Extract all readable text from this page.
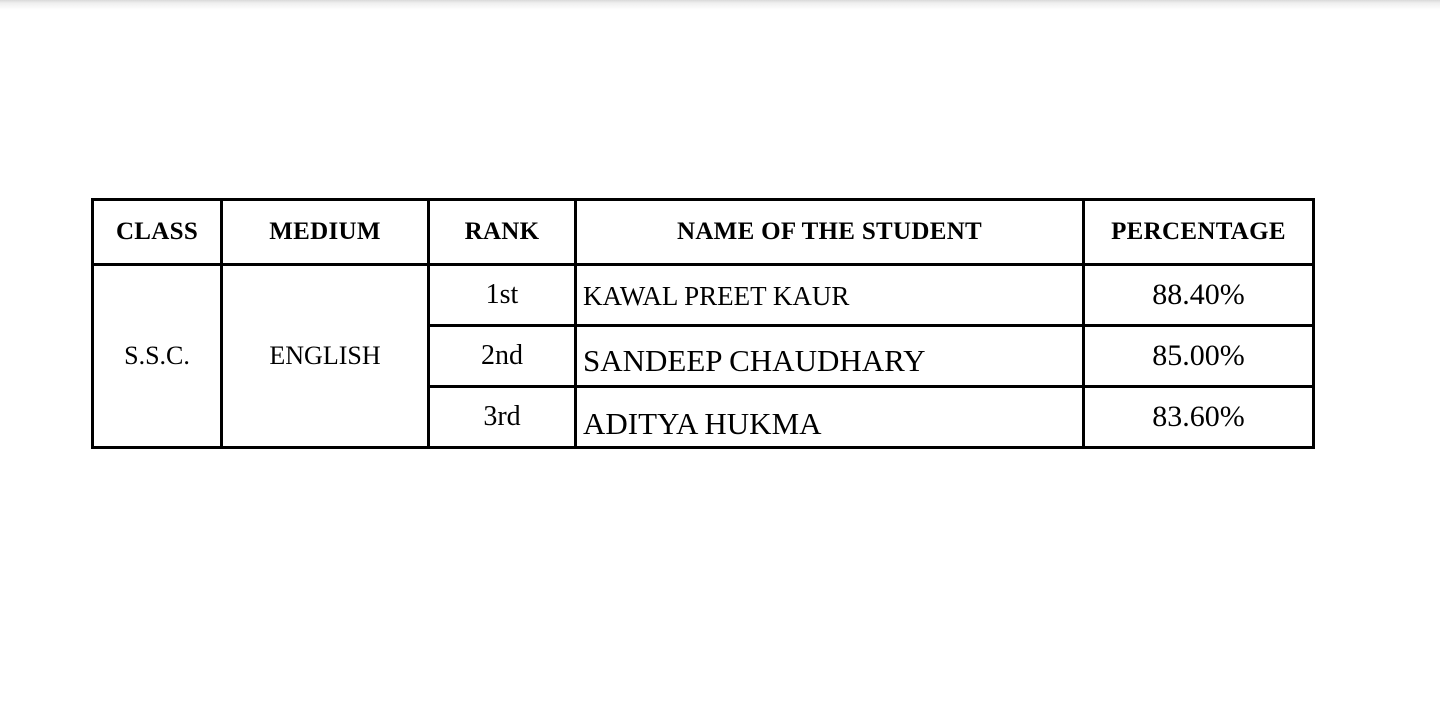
CLASS	MEDIUM	RANK	NAME OF THE STUDENT	PERCENTAGE
S.S.C.	ENGLISH	1st	KAWAL PREET KAUR	88.40%
		2nd	SANDEEP CHAUDHARY	85.00%
		3rd	ADITYA HUKMA	83.60%
